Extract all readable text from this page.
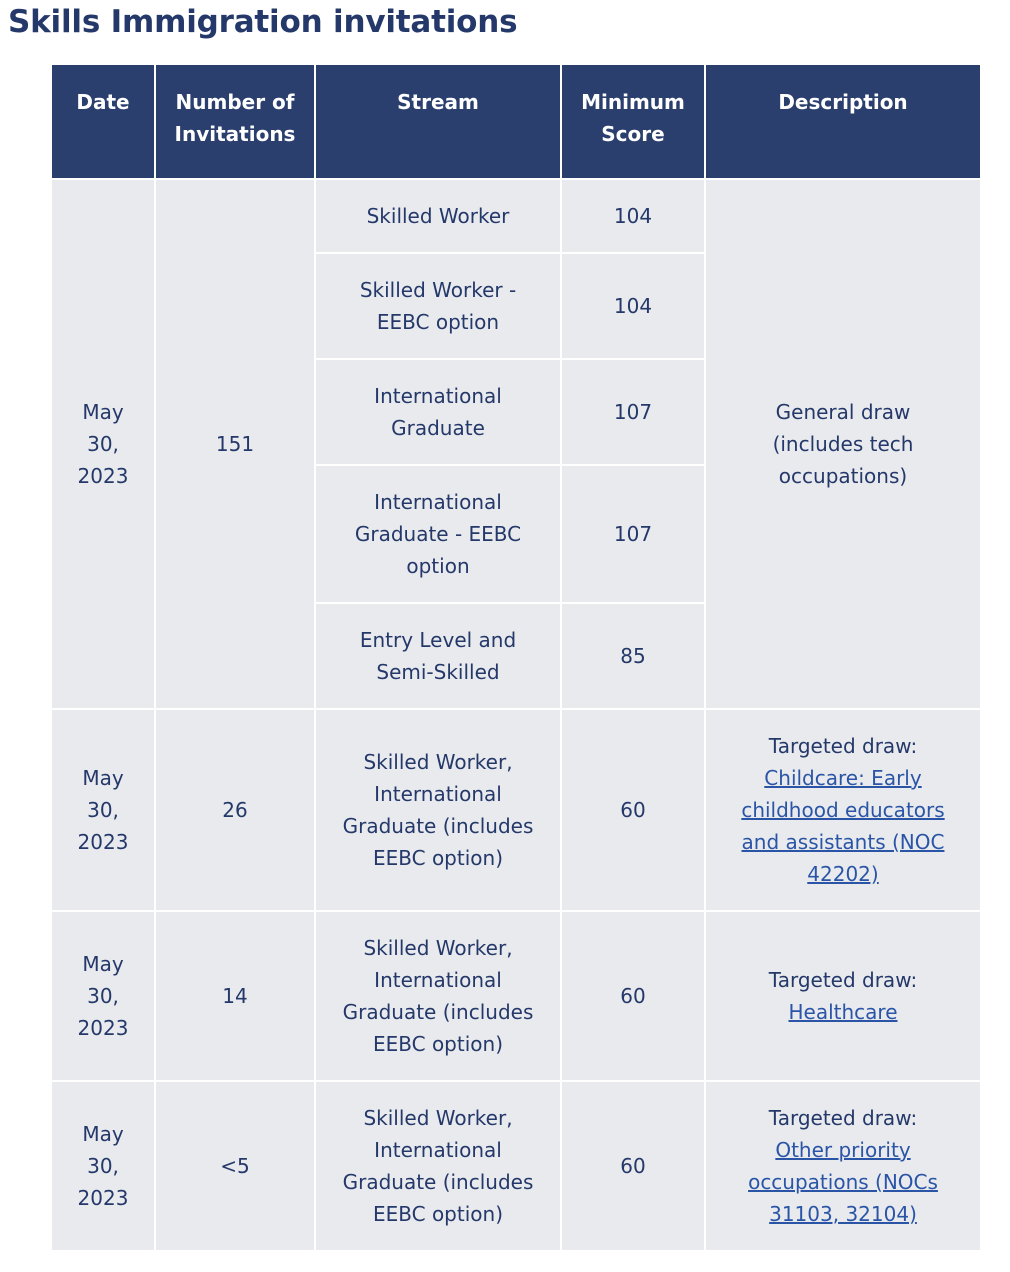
Skills Immigration invitations
Date	Number of Invitations	Stream	Minimum Score	Description
May 30, 2023	151	Skilled Worker	104	General draw (includes tech occupations)
		Skilled Worker - EEBC option	104	
		International Graduate	107	
		International Graduate - EEBC option	107	
		Entry Level and Semi-Skilled	85	
May 30, 2023	26	Skilled Worker, International Graduate (includes EEBC option)	60	Targeted draw:
Childcare: Early childhood educators and assistants (NOC 42202)
May 30, 2023	14	Skilled Worker, International Graduate (includes EEBC option)	60	Targeted draw:
Healthcare
May 30, 2023	<5	Skilled Worker, International Graduate (includes EEBC option)	60	Targeted draw:
Other priority occupations (NOCs 31103, 32104)
